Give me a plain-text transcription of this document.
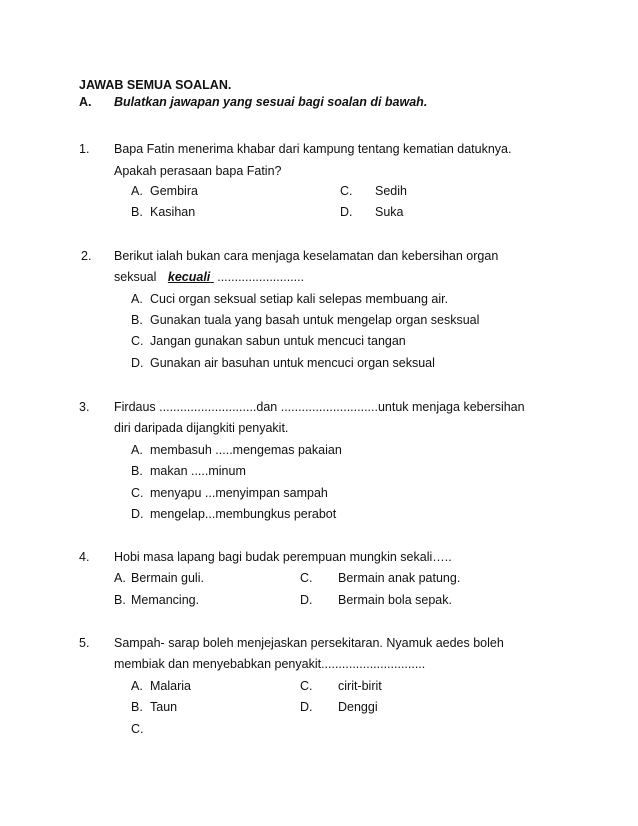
JAWAB SEMUA SOALAN.
A. Bulatkan jawapan yang sesuai bagi soalan di bawah.
1. Bapa Fatin menerima khabar dari kampung tentang kematian datuknya.
Apakah perasaan bapa Fatin?
A. Gembira
B. Kasihan
C. Sedih
D. Suka
2. Berikut ialah bukan cara menjaga keselamatan dan kebersihan organ
seksual kecuali .........................
A. Cuci organ seksual setiap kali selepas membuang air.
B. Gunakan tuala yang basah untuk mengelap organ sesksual
C. Jangan gunakan sabun untuk mencuci tangan
D. Gunakan air basuhan untuk mencuci organ seksual
3. Firdaus ............................dan ............................untuk menjaga kebersihan
diri daripada dijangkiti penyakit.
A. membasuh .....mengemas pakaian
B. makan .....minum
C. menyapu ...menyimpan sampah
D. mengelap...membungkus perabot
4. Hobi masa lapang bagi budak perempuan mungkin sekali…..
A. Bermain guli.
B. Memancing.
C. Bermain anak patung.
D. Bermain bola sepak.
5. Sampah- sarap boleh menjejaskan persekitaran. Nyamuk aedes boleh
membiak dan menyebabkan penyakit..............................
A. Malaria
B. Taun
C. cirit-birit
D. Denggi
C.
